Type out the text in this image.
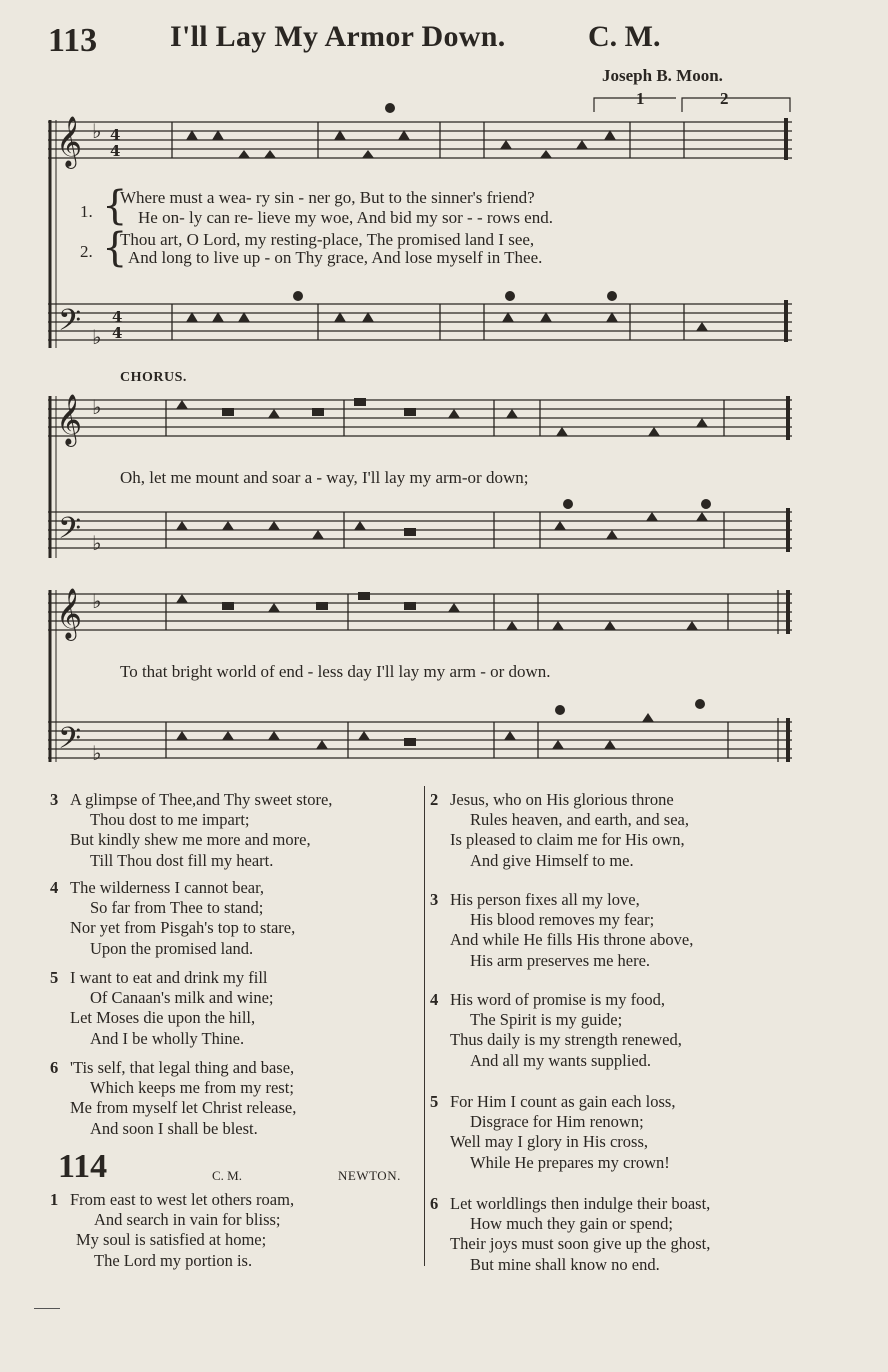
113 I'll Lay My Armor Down.	C. M.
Joseph B. Moon.
1	2
𝄞 ♭ 4
4
𝄢 ♭
4
4
𝄞 ♭
𝄢 ♭
𝄞 ♭
𝄢 ♭
1. {
Where must a wea- ry sin - ner go, But to the sinner's friend?
He on- ly can re- lieve my woe, And bid my sor - - rows end.
2. {
Thou art, O Lord, my resting-place, The promised land I see,
And long to live up - on Thy grace, And lose myself in Thee.
CHORUS.
Oh, let me mount and soar a - way, I'll lay my arm-or down;
To that bright world of end - less day I'll lay my arm - or down.
3 A glimpse of Thee,and Thy sweet store,
Thou dost to me impart;
But kindly shew me more and more,
Till Thou dost fill my heart.
4 The wilderness I cannot bear,
So far from Thee to stand;
Nor yet from Pisgah's top to stare,
Upon the promised land.
5 I want to eat and drink my fill
Of Canaan's milk and wine;
Let Moses die upon the hill,
And I be wholly Thine.
6 'Tis self, that legal thing and base,
Which keeps me from my rest;
Me from myself let Christ release,
And soon I shall be blest.
114	C. M.	NEWTON.
1 From east to west let others roam,
And search in vain for bliss;
My soul is satisfied at home;
The Lord my portion is.
2 Jesus, who on His glorious throne
Rules heaven, and earth, and sea,
Is pleased to claim me for His own,
And give Himself to me.
3 His person fixes all my love,
His blood removes my fear;
And while He fills His throne above,
His arm preserves me here.
4 His word of promise is my food,
The Spirit is my guide;
Thus daily is my strength renewed,
And all my wants supplied.
5 For Him I count as gain each loss,
Disgrace for Him renown;
Well may I glory in His cross,
While He prepares my crown!
6 Let worldlings then indulge their boast,
How much they gain or spend;
Their joys must soon give up the ghost,
But mine shall know no end.
